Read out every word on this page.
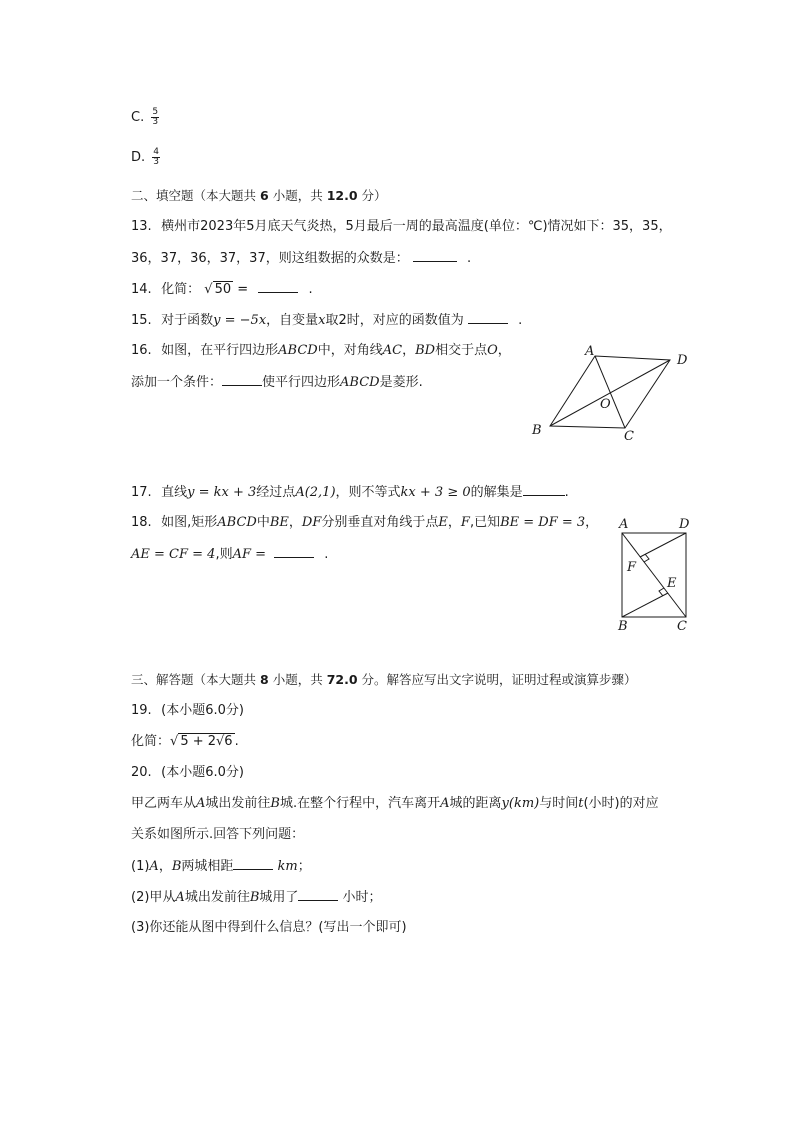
C. $\frac{5}{3}$
D. $\frac{4}{3}$
二、填空题（本大题共 6 小题，共 12.0 分）
13. 横州市2023年5月底天气炎热，5月最后一周的最高温度(单位：℃)情况如下：35，35，
36，37，36，37，37，则这组数据的众数是：	.
14. 化简： √ 50 =	.
15. 对于函数y = −5x，自变量x取2时，对应的函数值为	.
16. 如图，在平行四边形ABCD中，对角线AC，BD相交于点O，
添加一个条件：	使平行四边形ABCD是菱形.
A
D
B	C
O
17. 直线y = kx + 3经过点A(2,1)，则不等式kx + 3 ≥ 0的解集是	.
18. 如图,矩形ABCD中BE，DF分别垂直对角线于点E，F,已知BE = DF = 3，
AE = CF = 4,则AF =	.
A	D
B	C
F
E
三、解答题（本大题共 8 小题，共 72.0 分。解答应写出文字说明，证明过程或演算步骤）
19. (本小题6.0分)
化简：√ 5 + 2√6 .
20. (本小题6.0分)
甲乙两车从A城出发前往B城.在整个行程中，汽车离开A城的距离y(km)与时间t(小时)的对应
关系如图所示.回答下列问题：
(1)A，B两城相距	km；
(2)甲从A城出发前往B城用了	小时；
(3)你还能从图中得到什么信息？(写出一个即可)
